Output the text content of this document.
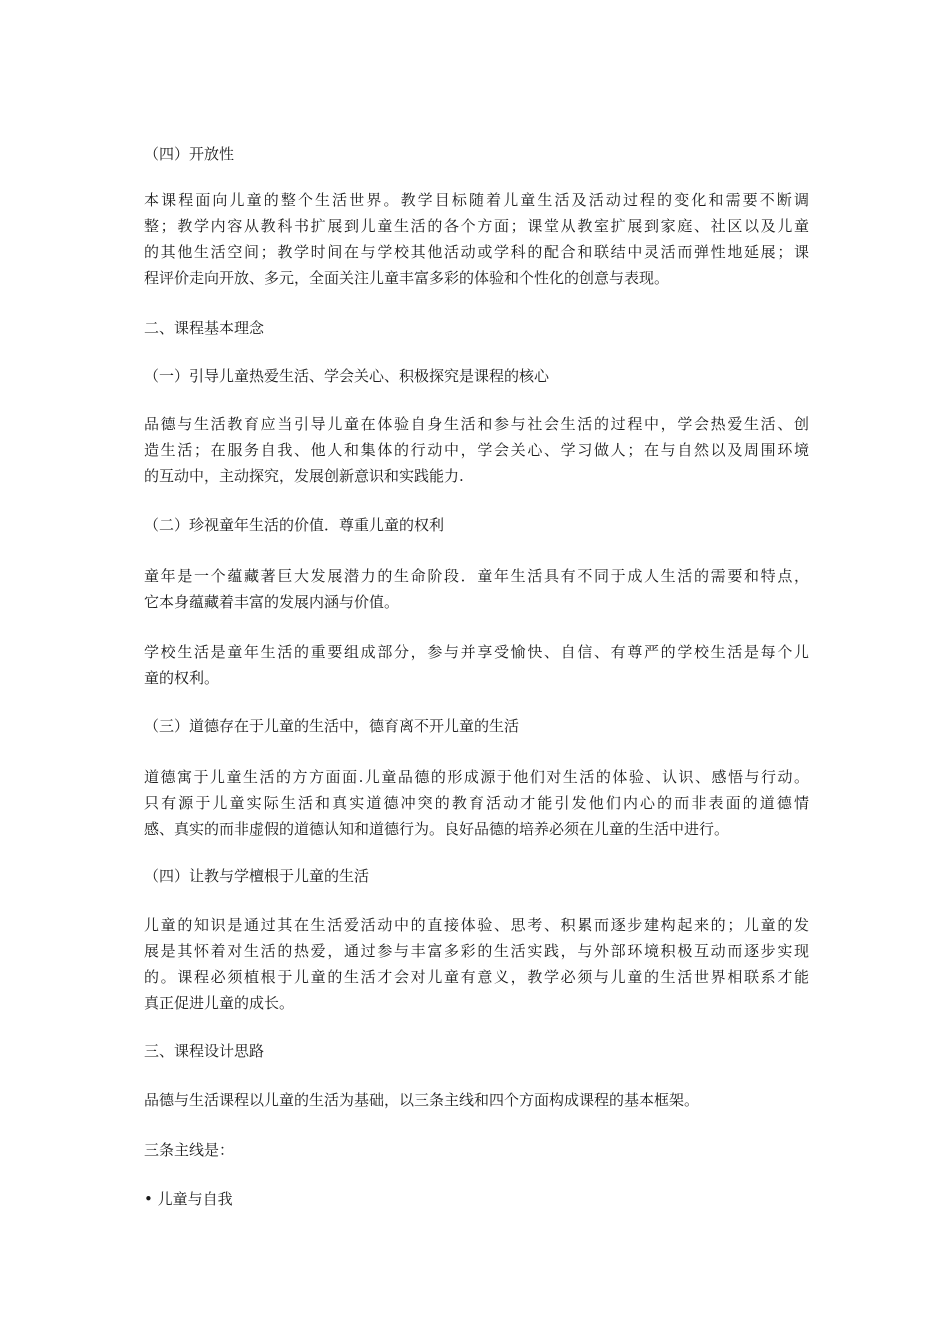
（四）开放性
本课程面向儿童的整个生活世界。教学目标随着儿童生活及活动过程的变化和需要不断调
整；教学内容从教科书扩展到儿童生活的各个方面；课堂从教室扩展到家庭、社区以及儿童
的其他生活空间；教学时间在与学校其他活动或学科的配合和联结中灵活而弹性地延展；课
程评价走向开放、多元，全面关注儿童丰富多彩的体验和个性化的创意与表现。
二、课程基本理念
（一）引导儿童热爱生活、学会关心、积极探究是课程的核心
品德与生活教育应当引导儿童在体验自身生活和参与社会生活的过程中，学会热爱生活、创
造生活；在服务自我、他人和集体的行动中，学会关心、学习做人；在与自然以及周围环境
的互动中，主动探究，发展创新意识和实践能力.
（二）珍视童年生活的价值．尊重儿童的权利
童年是一个蕴藏著巨大发展潜力的生命阶段．童年生活具有不同于成人生活的需要和特点，
它本身蕴藏着丰富的发展内涵与价值。
学校生活是童年生活的重要组成部分，参与并享受愉快、自信、有尊严的学校生活是每个儿
童的权利。
（三）道德存在于儿童的生活中，德育离不开儿童的生活
道德寓于儿童生活的方方面面.儿童品德的形成源于他们对生活的体验、认识、感悟与行动。
只有源于儿童实际生活和真实道德冲突的教育活动才能引发他们内心的而非表面的道德情
感、真实的而非虚假的道德认知和道德行为。良好品德的培养必须在儿童的生活中进行。
（四）让教与学檀根于儿童的生活
儿童的知识是通过其在生活爱活动中的直接体验、思考、积累而逐步建构起来的；儿童的发
展是其怀着对生活的热爱，通过参与丰富多彩的生活实践，与外部环境积极互动而逐步实现
的。课程必须植根于儿童的生活才会对儿童有意义，教学必须与儿童的生活世界相联系才能
真正促进儿童的成长。
三、课程设计思路
品德与生活课程以儿童的生活为基础，以三条主线和四个方面构成课程的基本框架。
三条主线是：
• 儿童与自我
